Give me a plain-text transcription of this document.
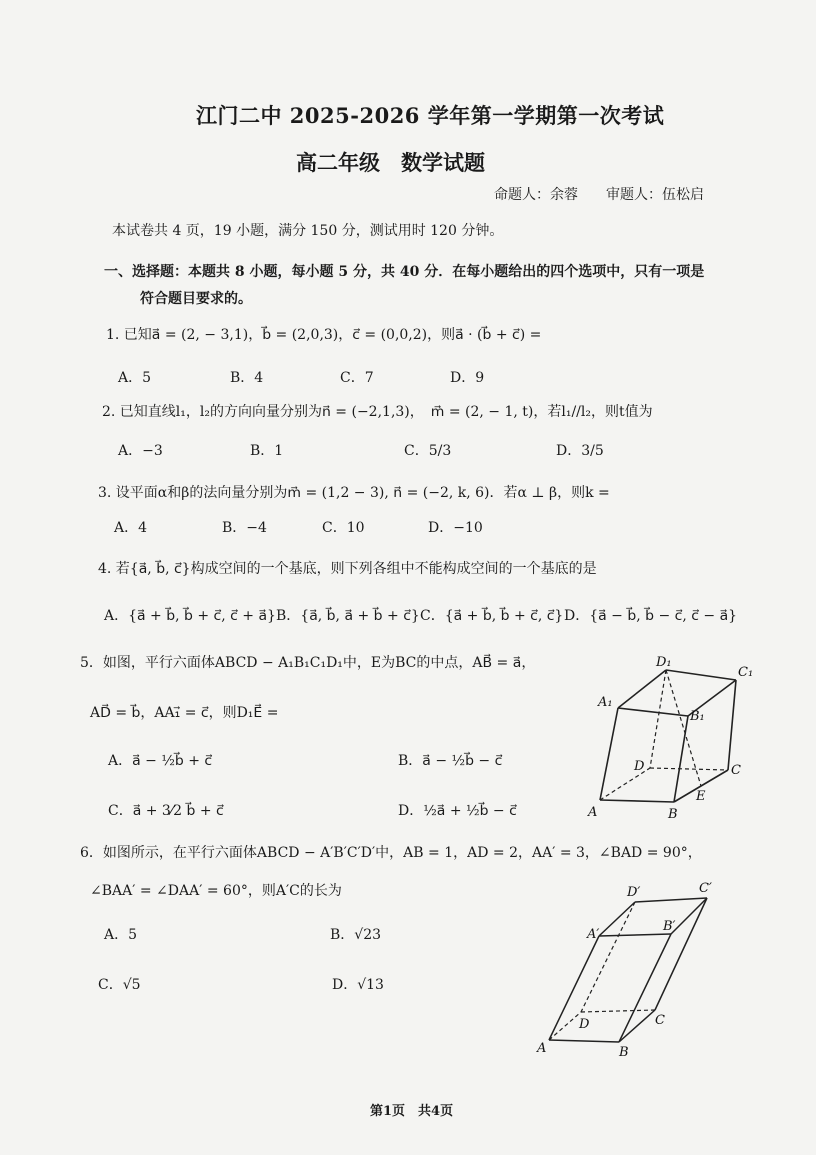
江门二中 2025-2026 学年第一学期第一次考试
高二年级　数学试题
命题人：余蓉　　审题人：伍松启
本试卷共 4 页，19 小题，满分 150 分，测试用时 120 分钟。
一、选择题：本题共 8 小题，每小题 5 分，共 40 分．在每小题给出的四个选项中，只有一项是
符合题目要求的。
1. 已知a⃗ = (2, − 3,1)，b⃗ = (2,0,3)，c⃗ = (0,0,2)，则a⃗ · (b⃗ + c⃗) =
A．5	B．4	C．7	D．9
2. 已知直线l₁，l₂的方向向量分别为n⃗ = (−2,1,3)，　m⃗ = (2, − 1, t)，若l₁//l₂，则t值为
A．−3	B．1	C．5/3	D．3/5
3. 设平面α和β的法向量分别为m⃗ = (1,2 − 3), n⃗ = (−2, k, 6)．若α ⊥ β，则k =
A．4	B．−4	C．10	D．−10
4. 若{a⃗, b⃗, c⃗}构成空间的一个基底，则下列各组中不能构成空间的一个基底的是
A．{a⃗ + b⃗, b⃗ + c⃗, c⃗ + a⃗} B．{a⃗, b⃗, a⃗ + b⃗ + c⃗} C．{a⃗ + b⃗, b⃗ + c⃗, c⃗} D．{a⃗ − b⃗, b⃗ − c⃗, c⃗ − a⃗}
5．如图，平行六面体ABCD − A₁B₁C₁D₁中，E为BC的中点，AB⃗ = a⃗，
AD⃗ = b⃗，AA₁⃗ = c⃗，则D₁E⃗ =
A．a⃗ − ½b⃗ + c⃗	B．a⃗ − ½b⃗ − c⃗
C．a⃗ + 3⁄2 b⃗ + c⃗	D．½a⃗ + ½b⃗ − c⃗
D₁
C₁
A₁
B₁
D	C
A	B
E
6．如图所示，在平行六面体ABCD − A′B′C′D′中，AB = 1，AD = 2，AA′ = 3，∠BAD = 90°，
∠BAA′ = ∠DAA′ = 60°，则A′C的长为
A．5	B．√23
C．√5	D．√13
D′	C′
A′
B′
D	C
A	B
第1页　共4页
